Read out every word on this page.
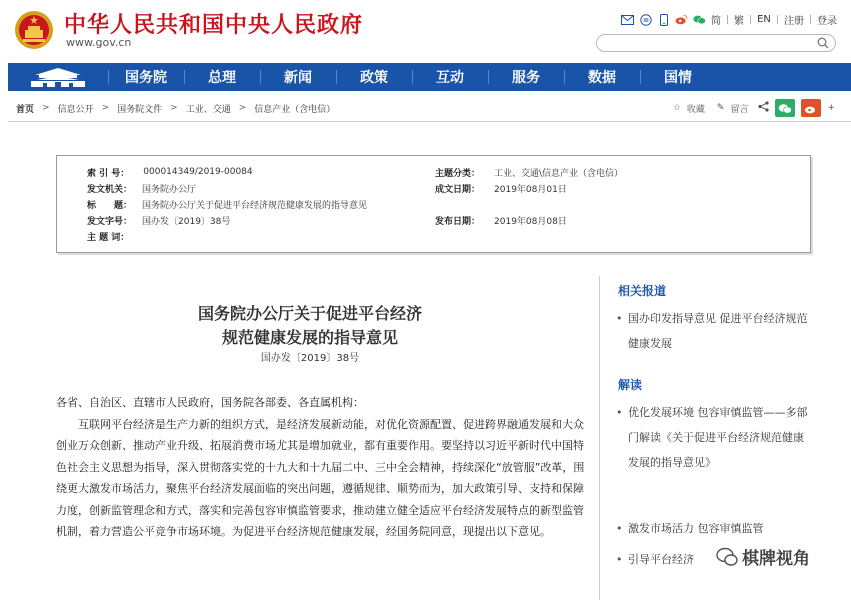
中华人民共和国中央人民政府
www.gov.cn
简 | 繁 | EN | 注册 | 登录
国务院	总理	新闻	政策	互动	服务	数据	国情
首页 > 信息公开 > 国务院文件 > 工业、交通 > 信息产业（含电信）	☆ 收藏 ✎ 留言	+
索 引 号： 000014349/2019-00084	主题分类： 工业、交通\信息产业（含电信）
发文机关： 国务院办公厅	成文日期： 2019年08月01日
标　　题： 国务院办公厅关于促进平台经济规范健康发展的指导意见
发文字号： 国办发〔2019〕38号	发布日期： 2019年08月08日
主 题 词：
国务院办公厅关于促进平台经济
规范健康发展的指导意见
国办发〔2019〕38号

各省、自治区、直辖市人民政府，国务院各部委、各直属机构：

互联网平台经济是生产力新的组织方式，是经济发展新动能，对优化资源配置、促进跨界融通发展和大众创业万众创新、推动产业升级、拓展消费市场尤其是增加就业，都有重要作用。要坚持以习近平新时代中国特色社会主义思想为指导，深入贯彻落实党的十九大和十九届二中、三中全会精神，持续深化“放管服”改革，围绕更大激发市场活力，聚焦平台经济发展面临的突出问题，遵循规律、顺势而为，加大政策引导、支持和保障力度，创新监管理念和方式，落实和完善包容审慎监管要求，推动建立健全适应平台经济发展特点的新型监管机制，着力营造公平竞争市场环境。为促进平台经济规范健康发展，经国务院同意，现提出以下意见。

相关报道
• 国办印发指导意见 促进平台经济规范健康发展
解读
• 优化发展环境 包容审慎监管——多部门解读《关于促进平台经济规范健康发展的指导意见》
• 激发市场活力 包容审慎监管
• 引导平台经济	棋牌视角
